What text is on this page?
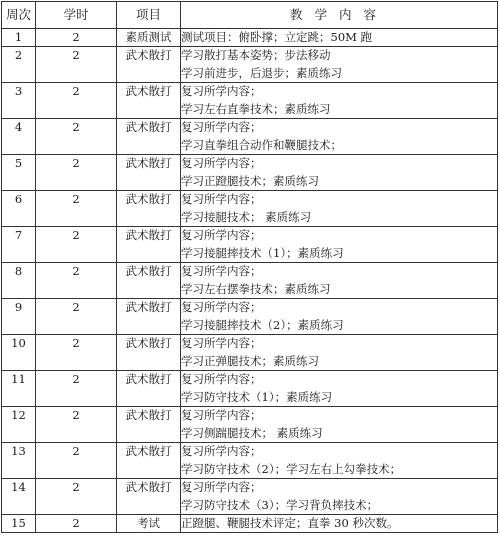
周次	学时	项目	教学内容
1	2	素质测试	测试项目：俯卧撑；立定跳；50M 跑

2	2	武术散打	学习散打基本姿势；步法移动
学习前进步，后退步；素质练习

3	2	武术散打	复习所学内容；
学习左右直拳技术；素质练习

4	2	武术散打	复习所学内容；
学习直拳组合动作和鞭腿技术；

5	2	武术散打	复习所学内容；
学习正蹬腿技术；素质练习

6	2	武术散打	复习所学内容；
学习接腿技术； 素质练习

7	2	武术散打	复习所学内容；
学习接腿摔技术（1）；素质练习

8	2	武术散打	复习所学内容；
学习左右摆拳技术；素质练习

9	2	武术散打	复习所学内容；
学习接腿摔技术（2）；素质练习

10	2	武术散打	复习所学内容；
学习正弹腿技术；素质练习

11	2	武术散打	复习所学内容；
学习防守技术（1）；素质练习

12	2	武术散打	复习所学内容；
学习侧踹腿技术； 素质练习

13	2	武术散打	复习所学内容；
学习防守技术（2）；学习左右上勾拳技术；

14	2	武术散打	复习所学内容；
学习防守技术（3）；学习背负摔技术；

15	2	考试	正蹬腿、鞭腿技术评定；直拳 30 秒次数。
